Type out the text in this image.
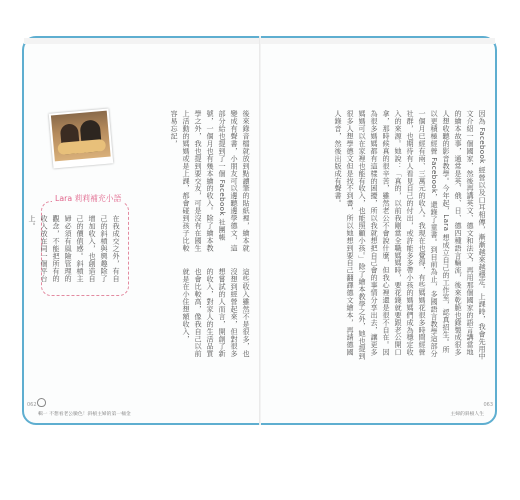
Lara 莉莉補充小語
在我成交之外，有自己的斜槓與興趣除了增加收入，也創造自己的價值感。斜槓主婦必須有風險管理的觀念，不能把所有的收入放在同一個平台上。	後來錄音檔就放到點讀筆的貼紙裡，繪本就變成有聲書，小朋友可以邊聽邊學德文，這部分給也提到了一個 Facebook 社團帳號，一個月也有幾本繪的收入。除了繪本教學之外，我也提到要交友，可是沒有在國生上活動的媽媽或是上課，都會碰到孩子比較容易忘記，
這些收入雖然不是很多，也沒想到經營起來，但對很多想嘗試的人而言，開創了新的收入，對家人的生活品質也會比較高，像我自己以前就是在小住想額收入，	因為 Facebook 經營以及口耳相傳，漸漸越來越穩定。上課時，我會先用中文介紹一個國家，然後再講英文、德文和法文，再用那個國家的語言講當地的繪本故事，通常是英、俄、日、德四種語言輪流，後來乾脆也錄製成很多人想收聽的影音教學。今年起，Lara 想成立自己的工作室，認真招生。所以更積極經營 Facebook，還錄了童書。到目前為止，多國語言教學這部分一個月已經有兩、三萬元的收入。我現在也覺得，有些媽媽花很多時間經營社群，也期待有人看見自己的付出，或許能多多帶小孩的媽媽們成為穩定收入的來源。她說：「真的，以前我剛當全職媽媽時，要花錢就要跟老公開口拿，那時候真的很辛苦，雖然老公不會說什麼，但我心裡還是很不自在。因為很多媽媽都有這樣的困擾，所以我就想把自己會的事情分享出去，讓更多媽媽可以在家裡也能有收入，也能照顧小孩。」除了繪本教學之外，她也提到很多人想學德文但是找不到書，所以她想到要自己翻譯德文繪本，再請德國人錄音，然後出版成有聲書。
062	063
輯一 不想看老公臉色！斜槓主婦的第一桶金	主婦的斜槓人生
